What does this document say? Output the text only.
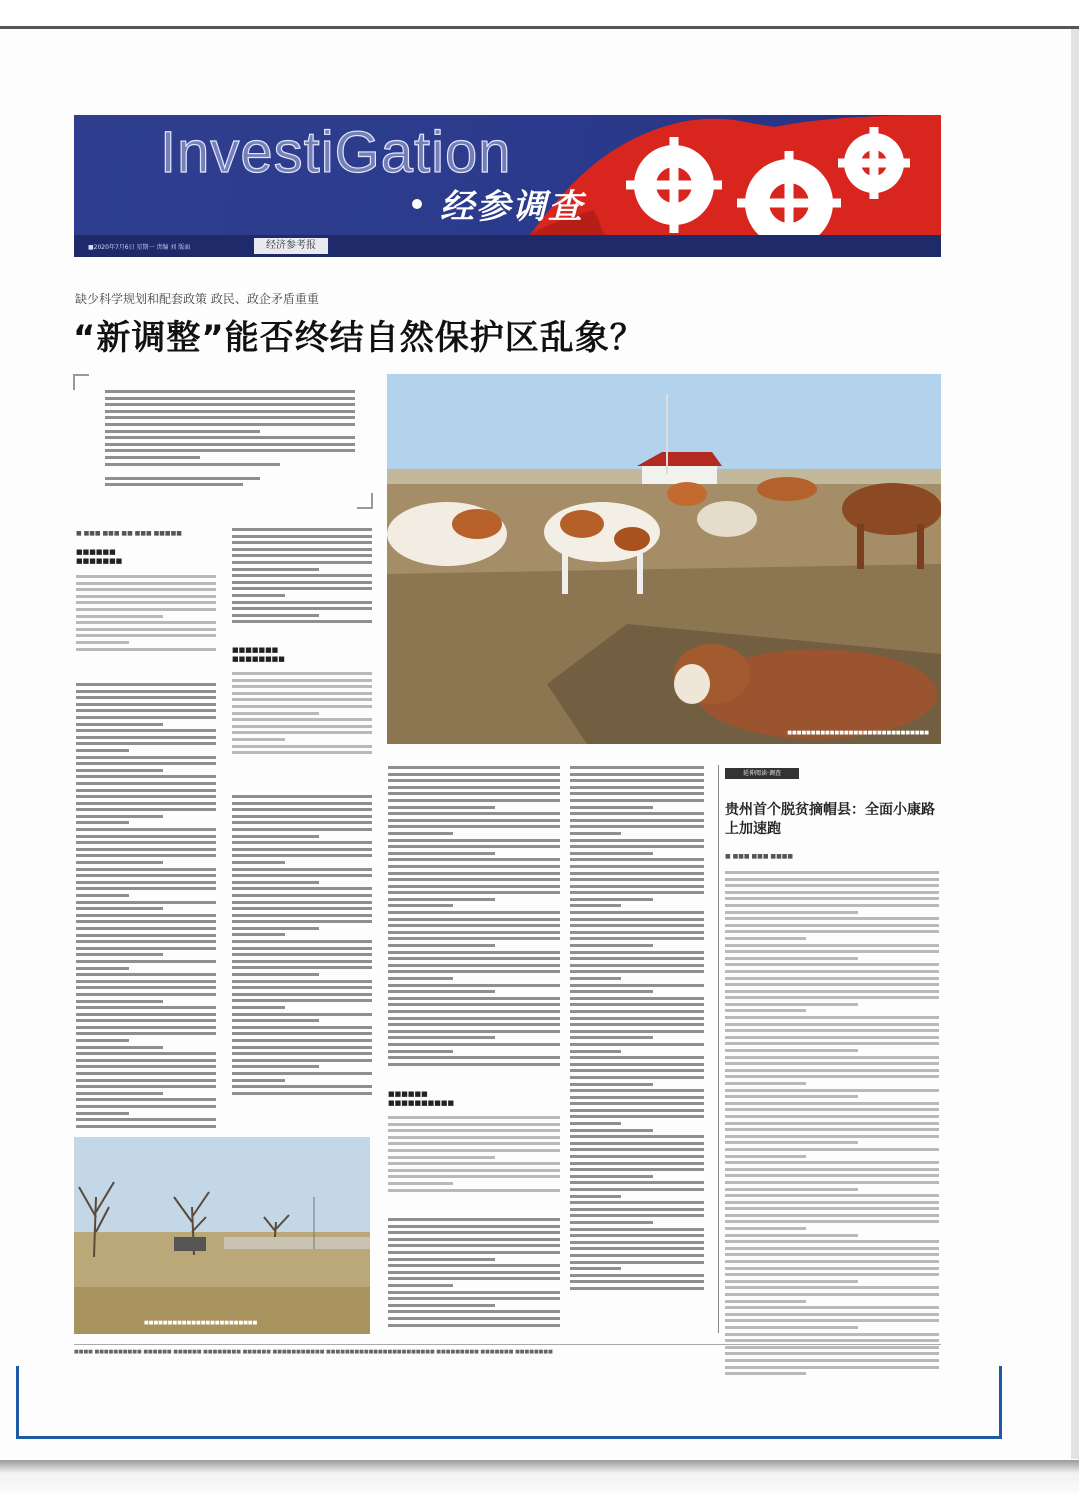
InvestiGation
经参调查
■2020年7月6日 星期一 责编 刘 版面	经济参考报
缺少科学规划和配套政策 政民、政企矛盾重重
“新调整”能否终结自然保护区乱象？
■ ■■■ ■■■ ■■ ■■■ ■■■■■
■■■■■■
■■■■■■■
■■■■■■■
■■■■■■■■
■■■■■■■■■■■■■■■■■■■■■■■■■■■■■■
■■■■■■
■■■■■■■■■■
延伸阅读·调查
贵州首个脱贫摘帽县：全面小康路上加速跑
■ ■■■ ■■■ ■■■■
■■■■■■■■■■■■■■■■■■■■■■■■
■■■■ ■■■■■■■■■■ ■■■■■■ ■■■■■■ ■■■■■■■■ ■■■■■■ ■■■■■■■■■■■ ■■■■■■■■■■■■■■■■■■■■■■■ ■■■■■■■■■ ■■■■■■■ ■■■■■■■■
